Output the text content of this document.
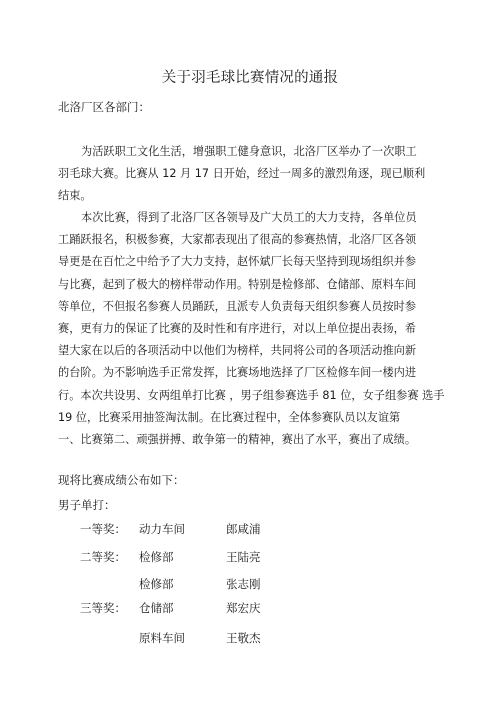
关于羽毛球比赛情况的通报
北洛厂区各部门：
为活跃职工文化生活，增强职工健身意识，北洛厂区举办了一次职工
羽毛球大赛。比赛从 12 月 17 日开始，经过一周多的激烈角逐，现已顺利
结束。
本次比赛，得到了北洛厂区各领导及广大员工的大力支持，各单位员
工踊跃报名，积极参赛，大家都表现出了很高的参赛热情，北洛厂区各领
导更是在百忙之中给予了大力支持，赵怀斌厂长每天坚持到现场组织并参
与比赛，起到了极大的榜样带动作用。特别是检修部、仓储部、原料车间
等单位，不但报名参赛人员踊跃，且派专人负责每天组织参赛人员按时参
赛，更有力的保证了比赛的及时性和有序进行，对以上单位提出表扬，希
望大家在以后的各项活动中以他们为榜样，共同将公司的各项活动推向新
的台阶。为不影响选手正常发挥，比赛场地选择了厂区检修车间一楼内进
行。本次共设男、女两组单打比赛 ，男子组参赛选手 81 位，女子组参赛 选手
19 位，比赛采用抽签淘汰制。在比赛过程中，全体参赛队员以友谊第
一、比赛第二、顽强拼搏、敢争第一的精神，赛出了水平，赛出了成绩。
现将比赛成绩公布如下：
男子单打：
一等奖： 动力车间	郎咸浦
二等奖： 检修部	王陆亮
检修部	张志刚
三等奖： 仓储部	郑宏庆
原料车间	王敬杰
